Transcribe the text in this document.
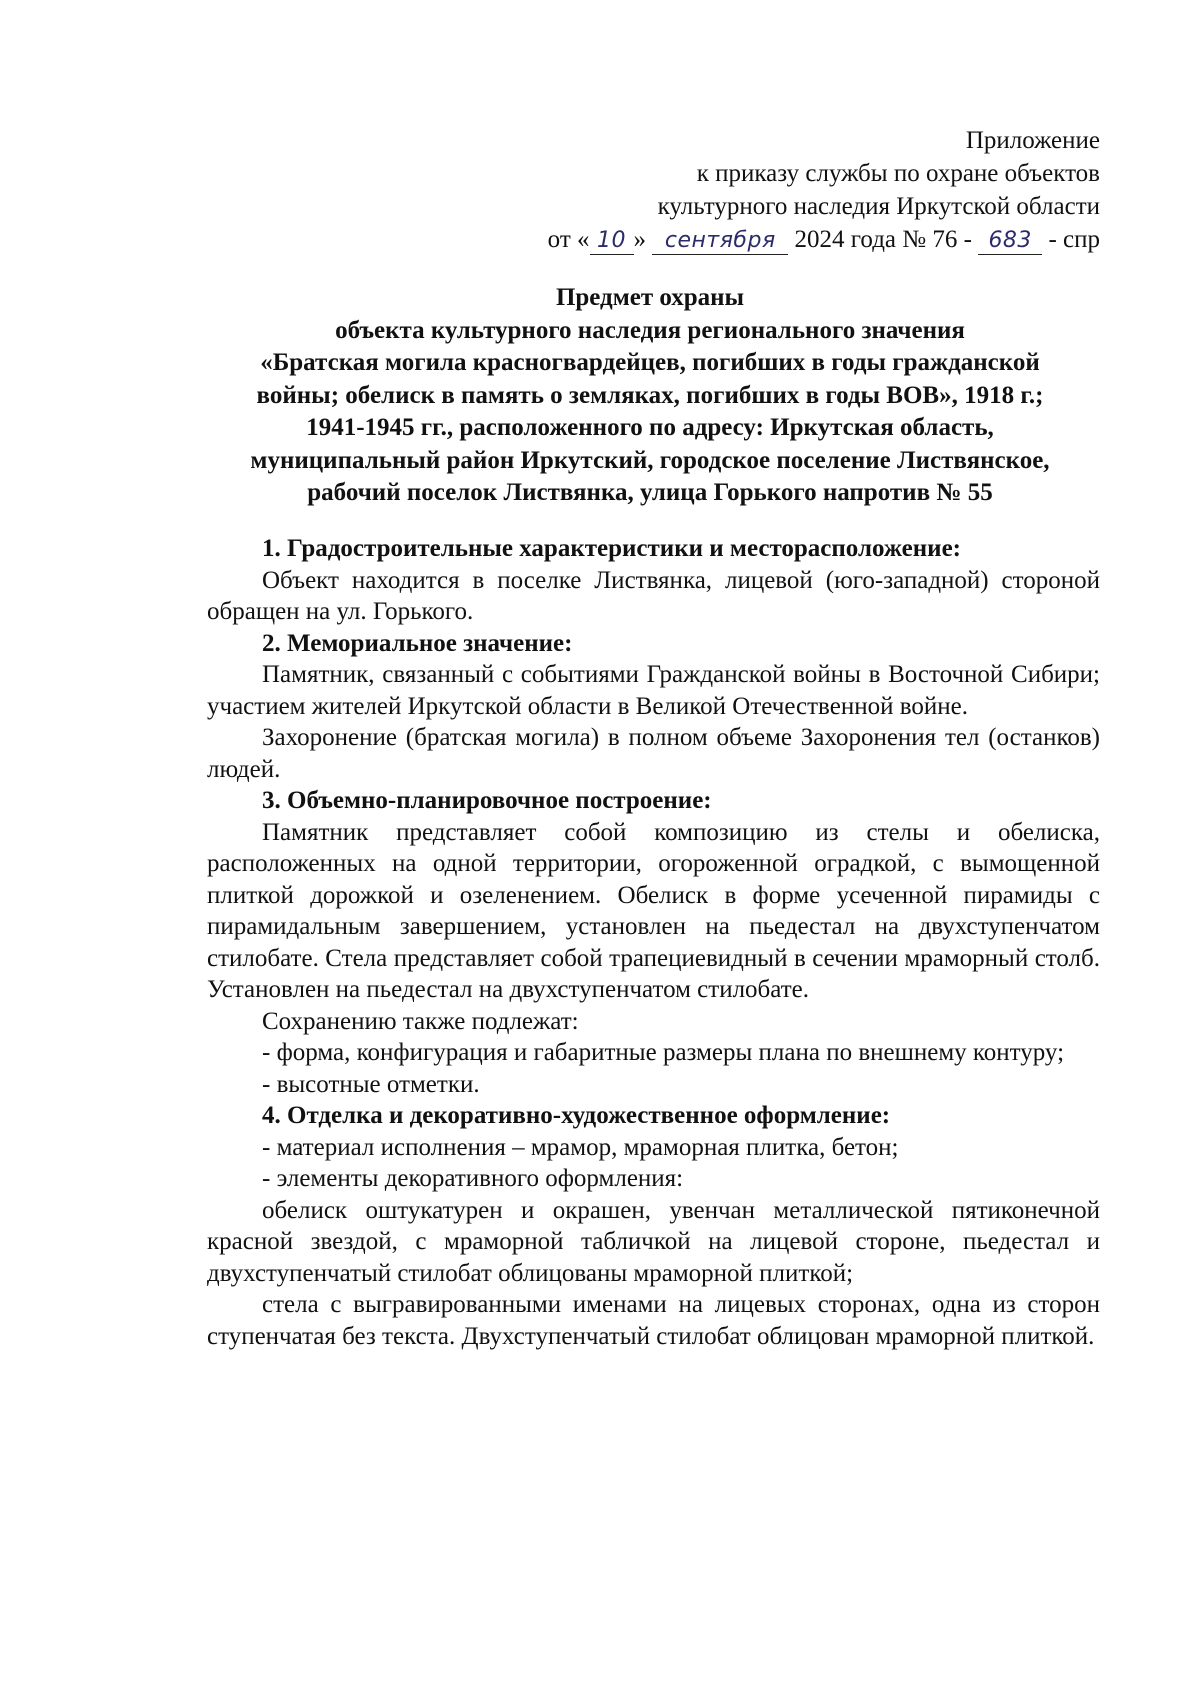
Приложение
к приказу службы по охране объектов
культурного наследия Иркутской области
от « 10 » сентября 2024 года № 76 - 683 - спр
Предмет охраны
объекта культурного наследия регионального значения
«Братская могила красногвардейцев, погибших в годы гражданской
войны; обелиск в память о земляках, погибших в годы ВОВ», 1918 г.;
1941-1945 гг., расположенного по адресу: Иркутская область,
муниципальный район Иркутский, городское поселение Листвянское,
рабочий поселок Листвянка, улица Горького напротив № 55

1. Градостроительные характеристики и месторасположение:

Объект находится в поселке Листвянка, лицевой (юго-западной) стороной обращен на ул. Горького.

2. Мемориальное значение:

Памятник, связанный с событиями Гражданской войны в Восточной Сибири; участием жителей Иркутской области в Великой Отечественной войне.

Захоронение (братская могила) в полном объеме Захоронения тел (останков) людей.

3. Объемно-планировочное построение:

Памятник представляет собой композицию из стелы и обелиска, расположенных на одной территории, огороженной оградкой, с вымощенной плиткой дорожкой и озеленением. Обелиск в форме усеченной пирамиды с пирамидальным завершением, установлен на пьедестал на двухступенчатом стилобате. Стела представляет собой трапециевидный в сечении мраморный столб. Установлен на пьедестал на двухступенчатом стилобате.

Сохранению также подлежат:

- форма, конфигурация и габаритные размеры плана по внешнему контуру;

- высотные отметки.

4. Отделка и декоративно-художественное оформление:

- материал исполнения – мрамор, мраморная плитка, бетон;

- элементы декоративного оформления:

обелиск оштукатурен и окрашен, увенчан металлической пятиконечной красной звездой, с мраморной табличкой на лицевой стороне, пьедестал и двухступенчатый стилобат облицованы мраморной плиткой;

стела с выгравированными именами на лицевых сторонах, одна из сторон ступенчатая без текста. Двухступенчатый стилобат облицован мраморной плиткой.
